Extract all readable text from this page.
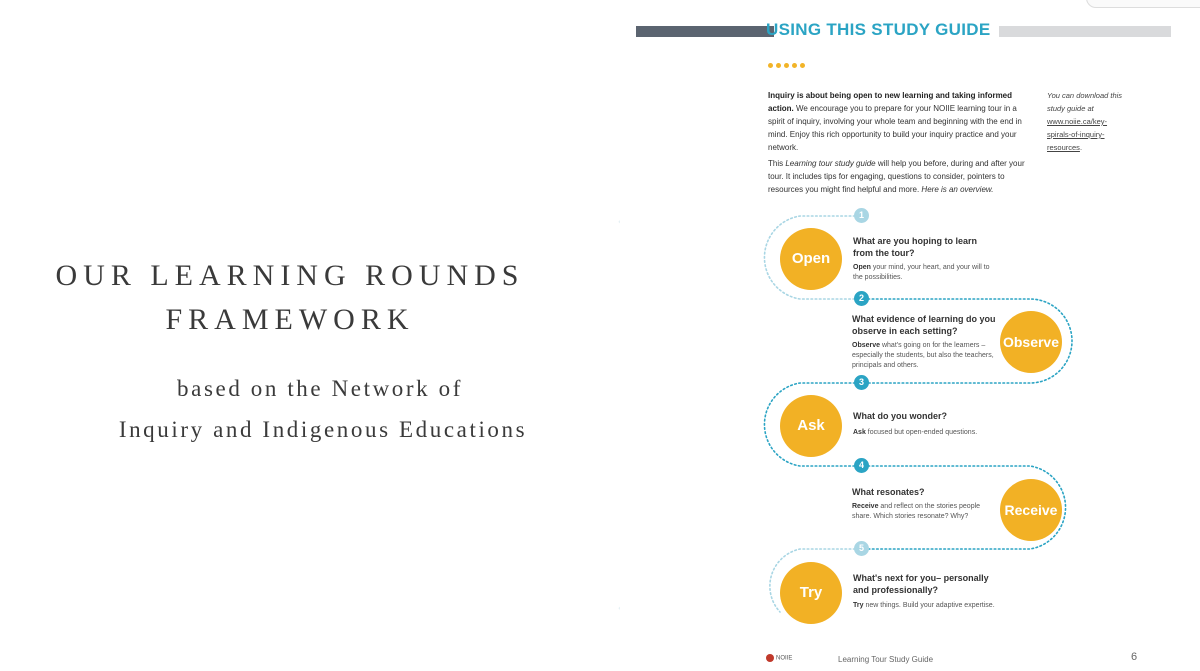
OUR LEARNING ROUNDS
FRAMEWORK
based on the Network of
Inquiry and Indigenous Educations
USING THIS STUDY GUIDE

Inquiry is about being open to new learning and taking informed action. We encourage you to prepare for your NOIIE learning tour in a spirit of inquiry, involving your whole team and beginning with the end in mind. Enjoy this rich opportunity to build your inquiry practice and your network.

This Learning tour study guide will help you before, during and after your tour. It includes tips for engaging, questions to consider, pointers to resources you might find helpful and more. Here is an overview.

You can download this study guide at www.noiie.ca/key-spirals-of-inquiry-resources.
1
2
3
4
5
Open
What are you hoping to learn from the tour?
Open your mind, your heart, and your will to the possibilities.
Observe
What evidence of learning do you observe in each setting?
Observe what's going on for the learners –especially the students, but also the teachers, principals and others.
Ask
What do you wonder?
Ask focused but open-ended questions.
Receive
What resonates?
Receive and reflect on the stories people share. Which stories resonate? Why?
Try
What's next for you– personally and professionally?
Try new things. Build your adaptive expertise.
NOIIE	Learning Tour Study Guide	6
